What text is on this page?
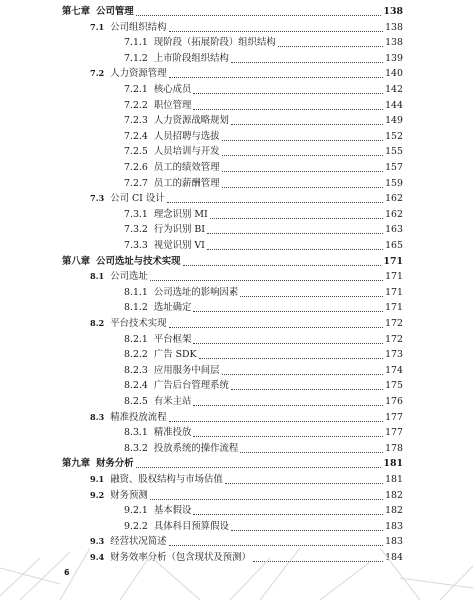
第七章 公司管理	138
7.1 公司组织结构	138
7.1.1 现阶段（拓展阶段）组织结构	138
7.1.2 上市阶段组织结构	139
7.2 人力资源管理	140
7.2.1 核心成员	142
7.2.2 职位管理	144
7.2.3 人力资源战略规划	149
7.2.4 人员招聘与选拔	152
7.2.5 人员培训与开发	155
7.2.6 员工的绩效管理	157
7.2.7 员工的薪酬管理	159
7.3 公司 CI 设计	162
7.3.1 理念识别 MI	162
7.3.2 行为识别 BI	163
7.3.3 视觉识别 VI	165
第八章 公司选址与技术实现	171
8.1 公司选址	171
8.1.1 公司选址的影响因素	171
8.1.2 选址确定	171
8.2 平台技术实现	172
8.2.1 平台框架	172
8.2.2 广告 SDK	173
8.2.3 应用服务中间层	174
8.2.4 广告后台管理系统	175
8.2.5 有米主站	176
8.3 精准投放流程	177
8.3.1 精准投放	177
8.3.2 投放系统的操作流程	178
第九章 财务分析	181
9.1 融资、股权结构与市场估值	181
9.2 财务预测	182
9.2.1 基本假设	182
9.2.2 具体科目预算假设	183
9.3 经营状况简述	183
9.4 财务效率分析（包含现状及预测）	184
6
